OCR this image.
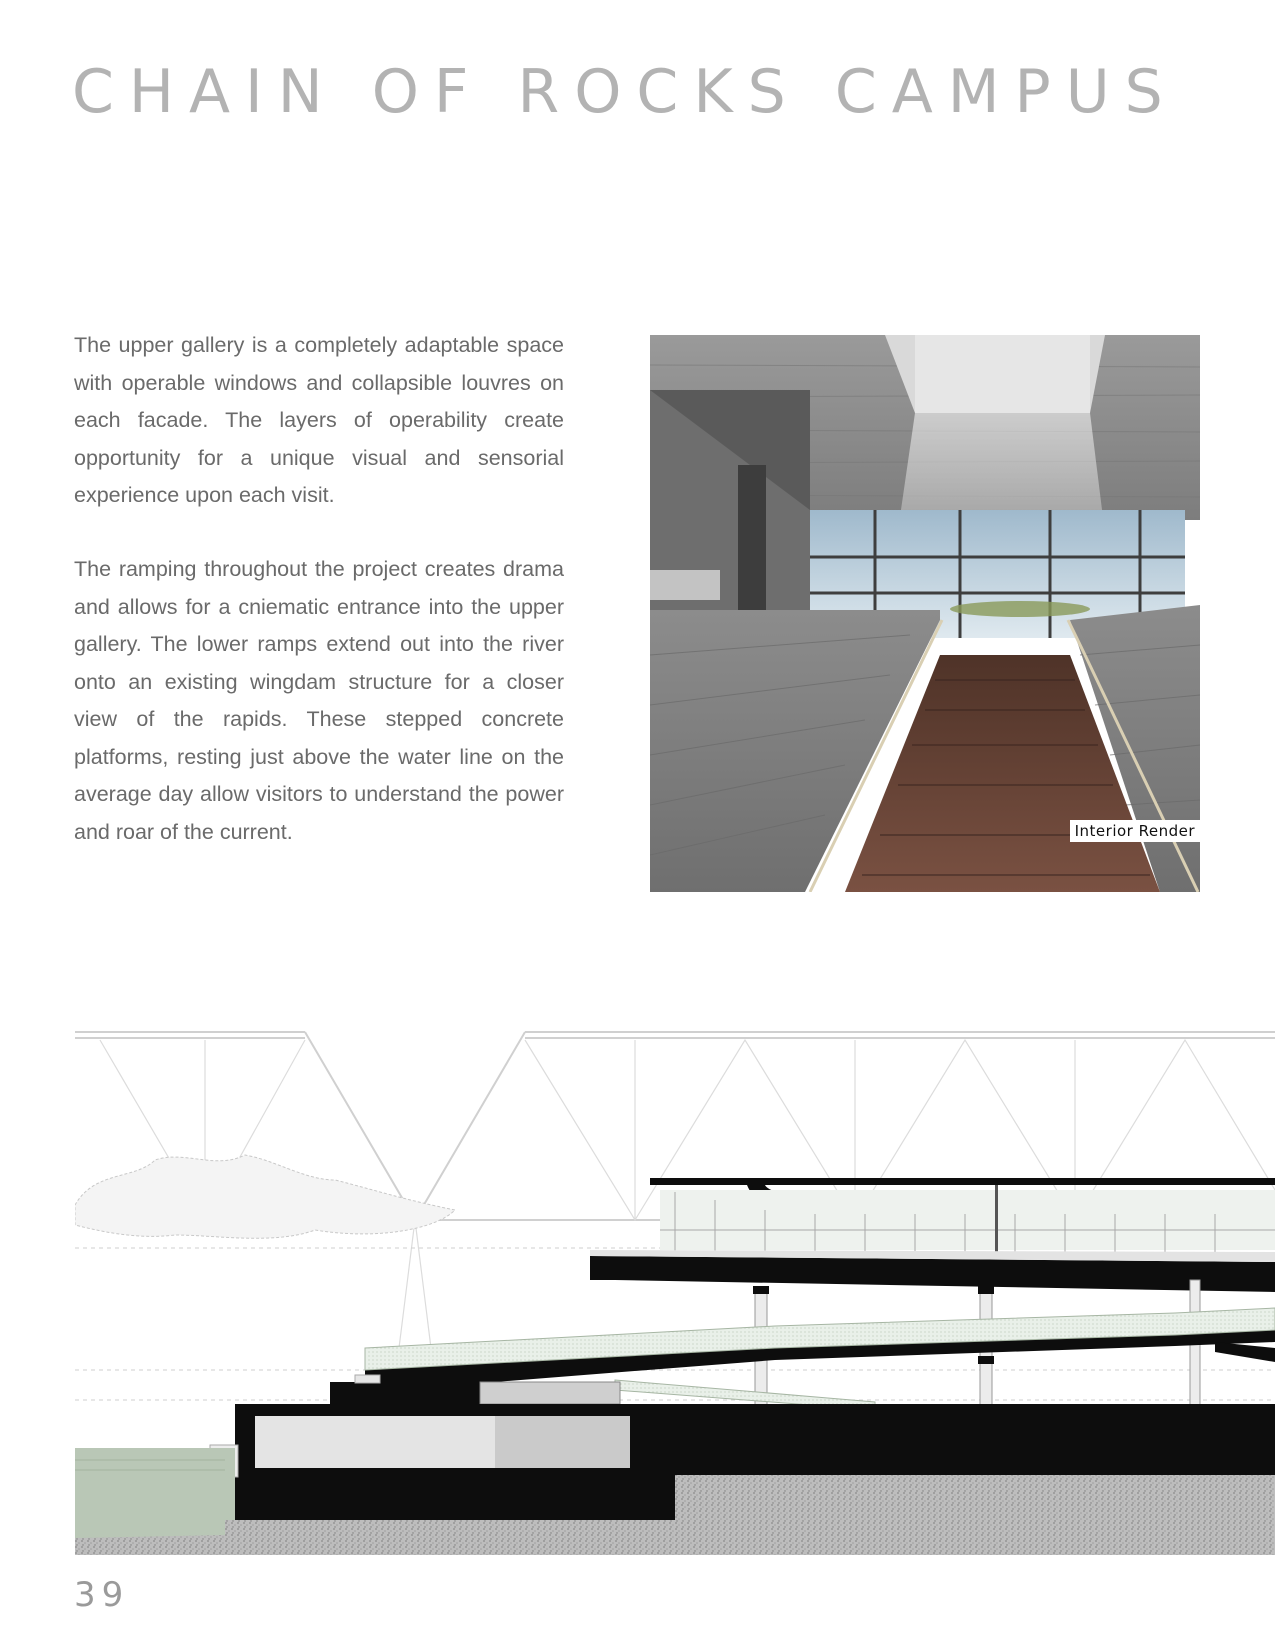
CHAIN OF ROCKS CAMPUS

The upper gallery is a completely adaptable space with operable windows and collapsible louvres on each facade. The layers of operability create opportunity for a unique visual and sensorial experience upon each visit.

The ramping throughout the project creates drama and allows for a cniematic entrance into the upper gallery. The lower ramps extend out into the river onto an existing wingdam structure for a closer view of the rapids. These stepped concrete platforms, resting just above the water line on the average day allow visitors to understand the power and roar of the current.	Interior Render
39
